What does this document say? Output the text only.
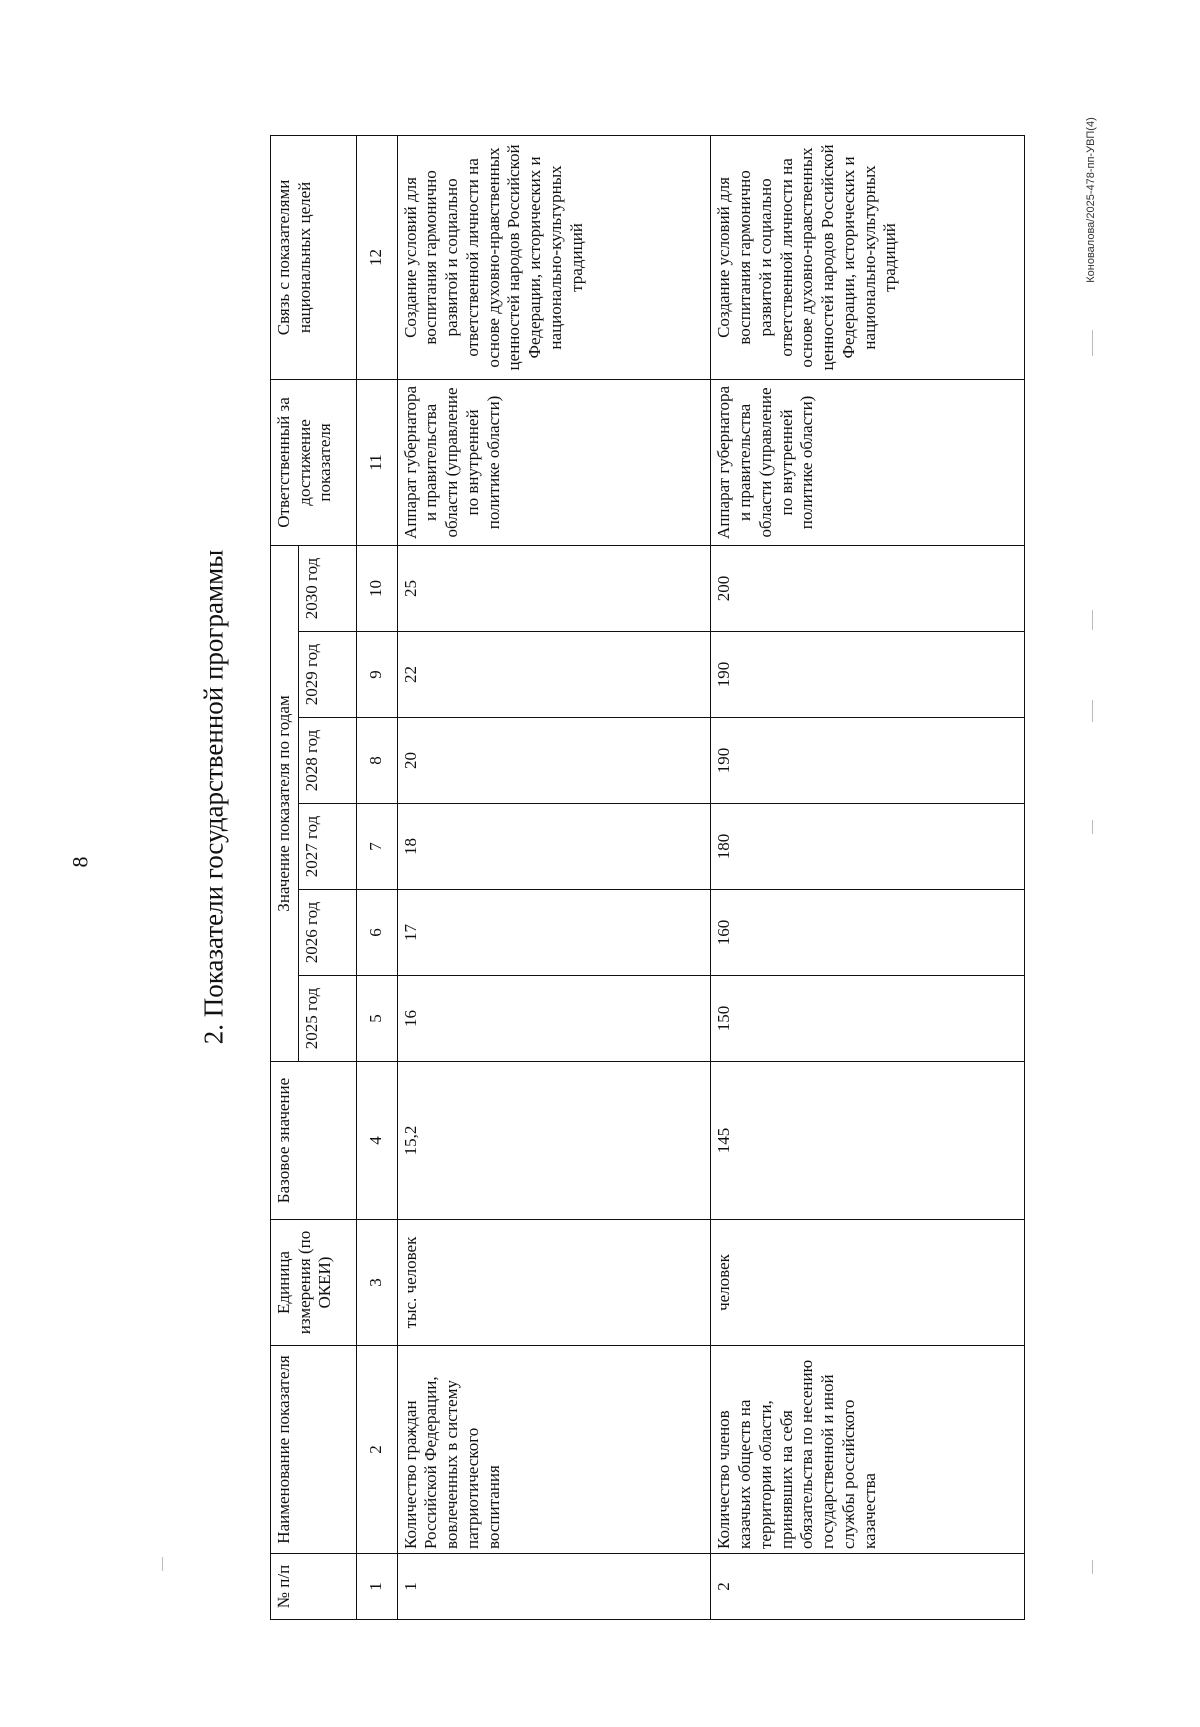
8	2. Показатели государственной программы
Коновалова/2025-478-пп-УВП(4)
№ п/п	Наименование показателя	Единица измерения (по ОКЕИ)	Базовое значение	Значение показателя по годам						Ответственный за достижение показателя	Связь с показателями национальных целей
				2025 год	2026 год	2027 год	2028 год	2029 год	2030 год		
1	2	3	4	5	6	7	8	9	10	11	12
1	Количество граждан Российской Федерации, вовлеченных в систему патриотического воспитания	тыс. человек	15,2	16	17	18	20	22	25	Аппарат губернатора и правительства области (управление по внутренней политике области)	Создание условий для воспитания гармонично развитой и социально ответственной личности на основе духовно-нравственных ценностей народов Российской Федерации, исторических и национально-культурных традиций
2	Количество членов казачьих обществ на территории области, принявших на себя обязательства по несению государственной и иной службы российского казачества	человек	145	150	160	180	190	190	200	Аппарат губернатора и правительства области (управление по внутренней политике области)	Создание условий для воспитания гармонично развитой и социально ответственной личности на основе духовно-нравственных ценностей народов Российской Федерации, исторических и национально-культурных традиций
